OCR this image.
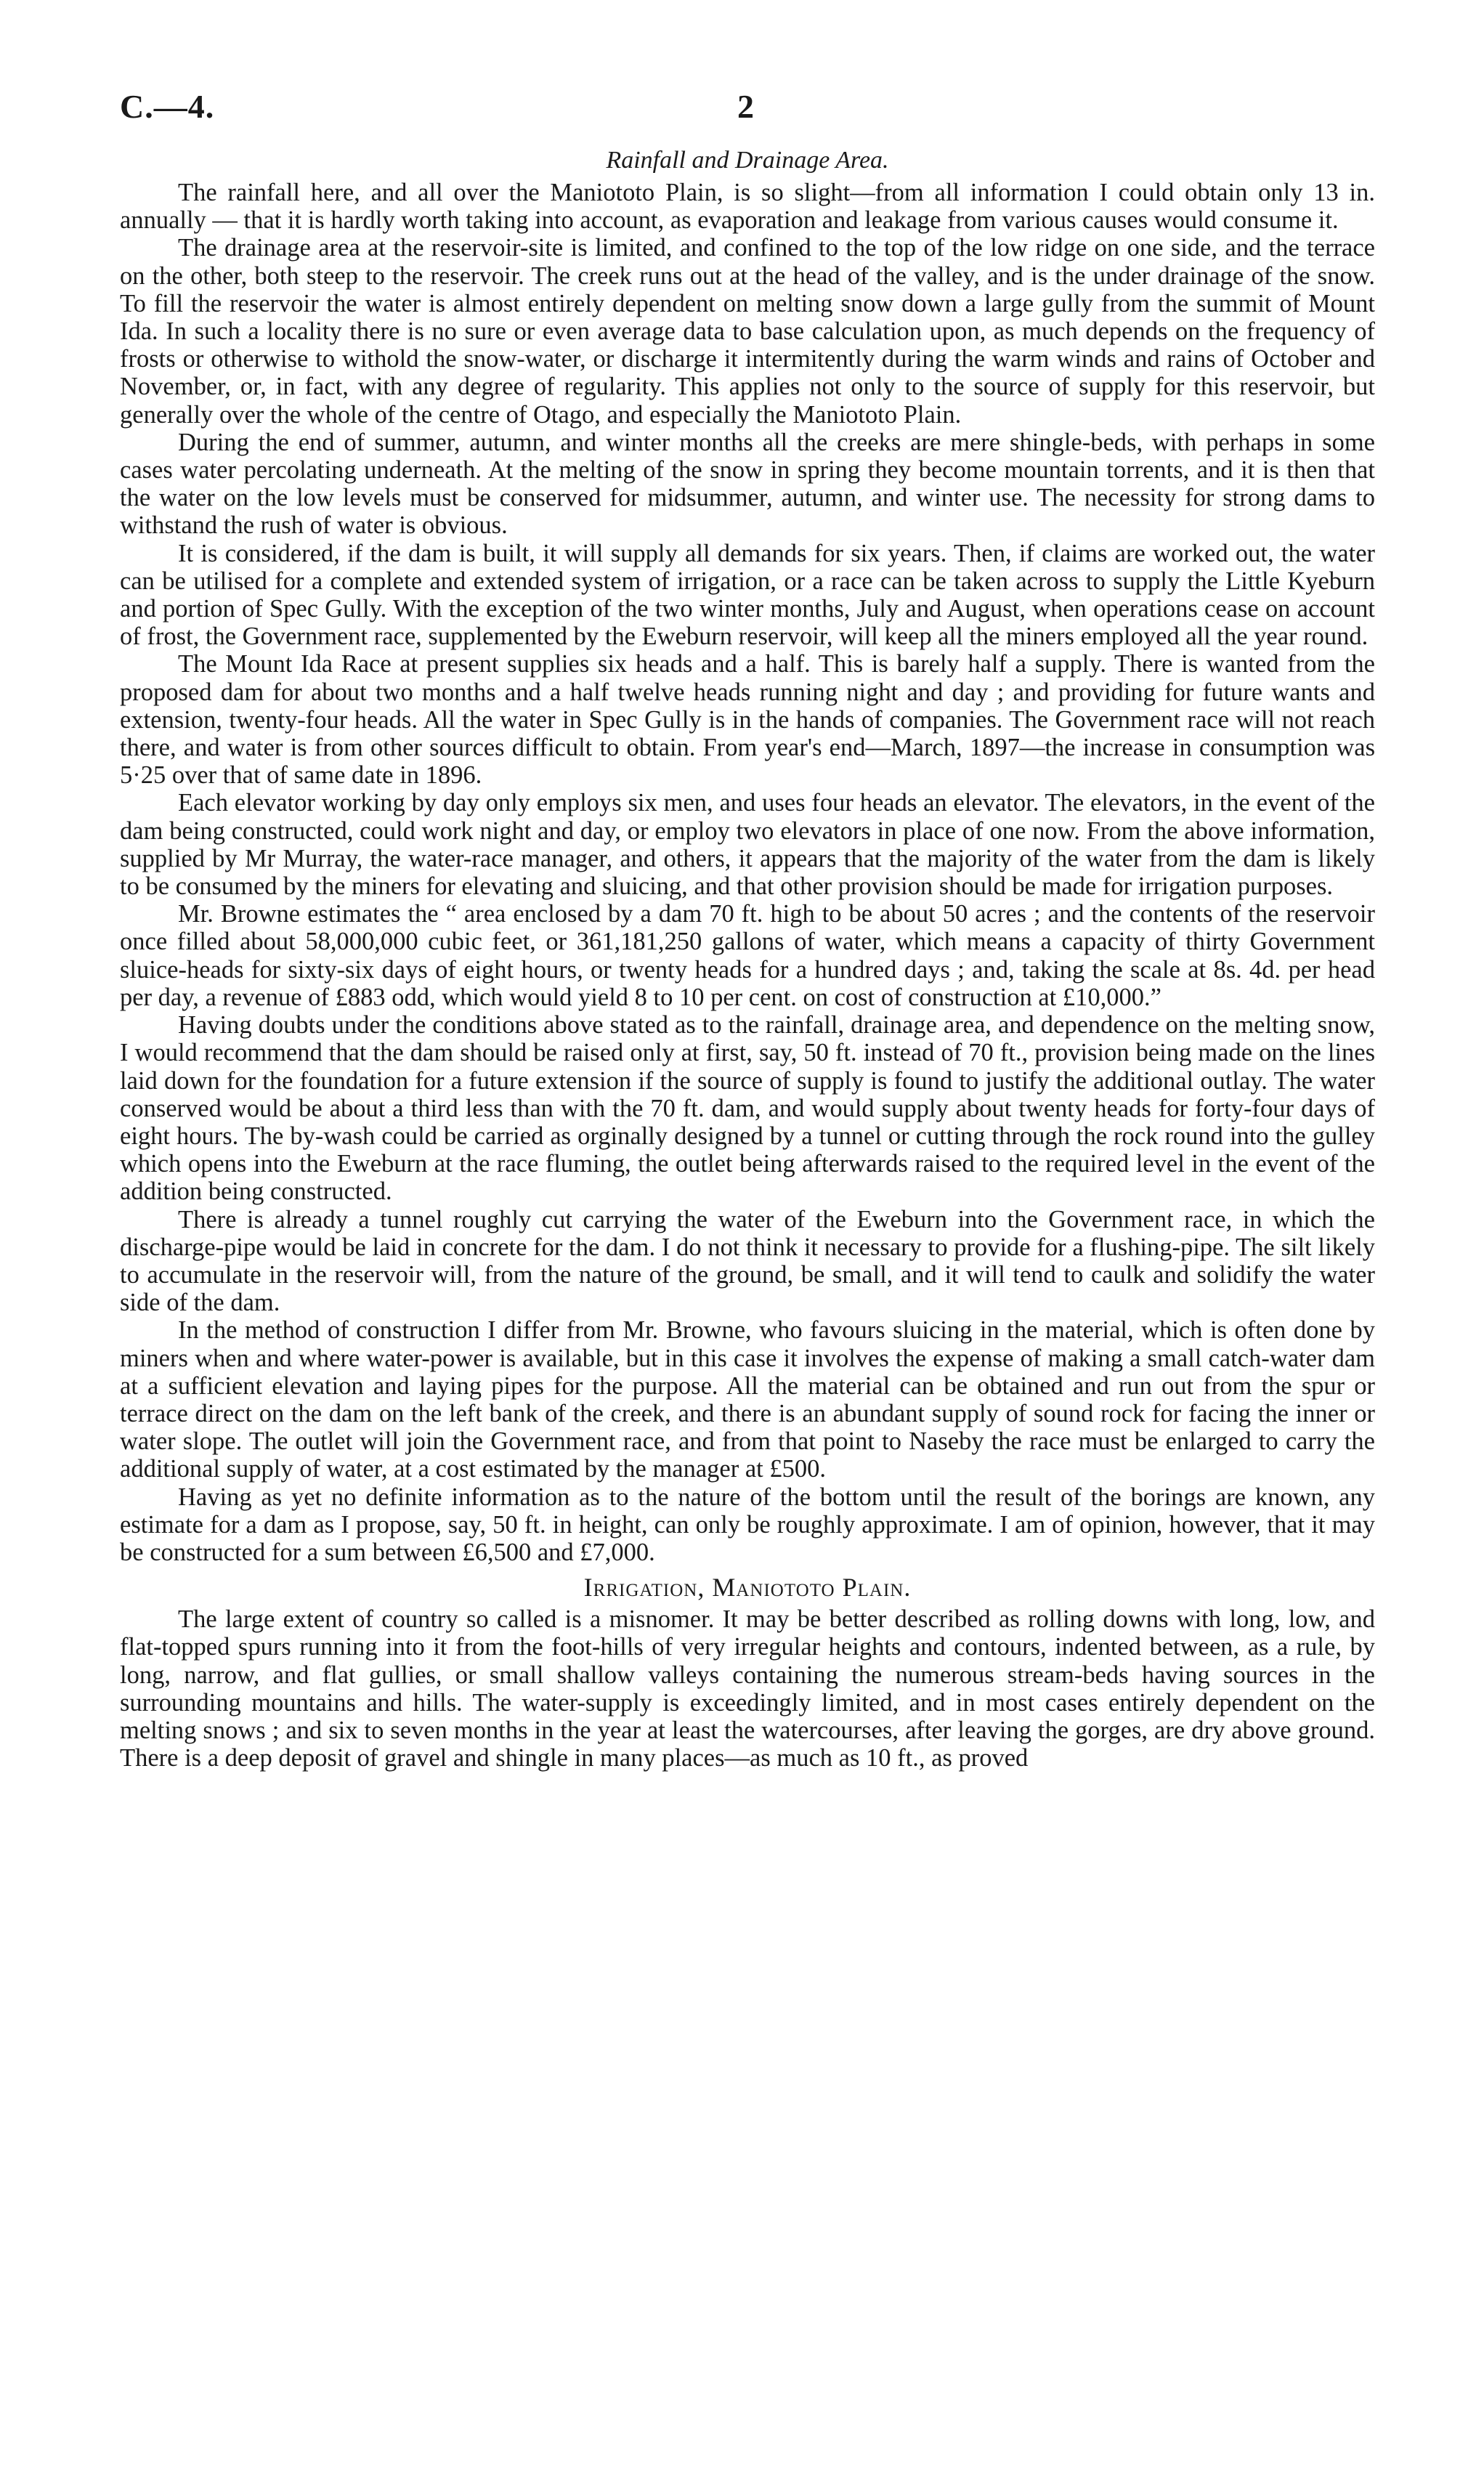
C.—4.	2
Rainfall and Drainage Area.

The rainfall here, and all over the Maniototo Plain, is so slight—from all information I could obtain only 13 in. annually — that it is hardly worth taking into account, as evaporation and leakage from various causes would consume it.

The drainage area at the reservoir-site is limited, and confined to the top of the low ridge on one side, and the terrace on the other, both steep to the reservoir. The creek runs out at the head of the valley, and is the under drainage of the snow. To fill the reservoir the water is almost entirely dependent on melting snow down a large gully from the summit of Mount Ida. In such a locality there is no sure or even average data to base calculation upon, as much depends on the frequency of frosts or otherwise to withold the snow-water, or discharge it intermitently during the warm winds and rains of October and November, or, in fact, with any degree of regularity. This applies not only to the source of supply for this reservoir, but generally over the whole of the centre of Otago, and especially the Maniototo Plain.

During the end of summer, autumn, and winter months all the creeks are mere shingle-beds, with perhaps in some cases water percolating underneath. At the melting of the snow in spring they become mountain torrents, and it is then that the water on the low levels must be conserved for midsummer, autumn, and winter use. The necessity for strong dams to withstand the rush of water is obvious.

It is considered, if the dam is built, it will supply all demands for six years. Then, if claims are worked out, the water can be utilised for a complete and extended system of irrigation, or a race can be taken across to supply the Little Kyeburn and portion of Spec Gully. With the exception of the two winter months, July and August, when operations cease on account of frost, the Government race, supplemented by the Eweburn reservoir, will keep all the miners employed all the year round.

The Mount Ida Race at present supplies six heads and a half. This is barely half a supply. There is wanted from the proposed dam for about two months and a half twelve heads running night and day ; and providing for future wants and extension, twenty-four heads. All the water in Spec Gully is in the hands of companies. The Government race will not reach there, and water is from other sources difficult to obtain. From year's end—March, 1897—the increase in consumption was 5·25 over that of same date in 1896.

Each elevator working by day only employs six men, and uses four heads an elevator. The elevators, in the event of the dam being constructed, could work night and day, or employ two elevators in place of one now. From the above information, supplied by Mr Murray, the water-race manager, and others, it appears that the majority of the water from the dam is likely to be consumed by the miners for elevating and sluicing, and that other provision should be made for irrigation purposes.

Mr. Browne estimates the “ area enclosed by a dam 70 ft. high to be about 50 acres ; and the contents of the reservoir once filled about 58,000,000 cubic feet, or 361,181,250 gallons of water, which means a capacity of thirty Government sluice-heads for sixty-six days of eight hours, or twenty heads for a hundred days ; and, taking the scale at 8s. 4d. per head per day, a revenue of £883 odd, which would yield 8 to 10 per cent. on cost of construction at £10,000.”

Having doubts under the conditions above stated as to the rainfall, drainage area, and dependence on the melting snow, I would recommend that the dam should be raised only at first, say, 50 ft. instead of 70 ft., provision being made on the lines laid down for the foundation for a future extension if the source of supply is found to justify the additional outlay. The water conserved would be about a third less than with the 70 ft. dam, and would supply about twenty heads for forty-four days of eight hours. The by-wash could be carried as orginally designed by a tunnel or cutting through the rock round into the gulley which opens into the Eweburn at the race fluming, the outlet being afterwards raised to the required level in the event of the addition being constructed.

There is already a tunnel roughly cut carrying the water of the Eweburn into the Government race, in which the discharge-pipe would be laid in concrete for the dam. I do not think it necessary to provide for a flushing-pipe. The silt likely to accumulate in the reservoir will, from the nature of the ground, be small, and it will tend to caulk and solidify the water side of the dam.

In the method of construction I differ from Mr. Browne, who favours sluicing in the material, which is often done by miners when and where water-power is available, but in this case it involves the expense of making a small catch-water dam at a sufficient elevation and laying pipes for the purpose. All the material can be obtained and run out from the spur or terrace direct on the dam on the left bank of the creek, and there is an abundant supply of sound rock for facing the inner or water slope. The outlet will join the Government race, and from that point to Naseby the race must be enlarged to carry the additional supply of water, at a cost estimated by the manager at £500.

Having as yet no definite information as to the nature of the bottom until the result of the borings are known, any estimate for a dam as I propose, say, 50 ft. in height, can only be roughly approximate. I am of opinion, however, that it may be constructed for a sum between £6,500 and £7,000.

Irrigation, Maniototo Plain.

The large extent of country so called is a misnomer. It may be better described as rolling downs with long, low, and flat-topped spurs running into it from the foot-hills of very irregular heights and contours, indented between, as a rule, by long, narrow, and flat gullies, or small shallow valleys containing the numerous stream-beds having sources in the surrounding mountains and hills. The water-supply is exceedingly limited, and in most cases entirely dependent on the melting snows ; and six to seven months in the year at least the watercourses, after leaving the gorges, are dry above ground. There is a deep deposit of gravel and shingle in many places—as much as 10 ft., as proved
